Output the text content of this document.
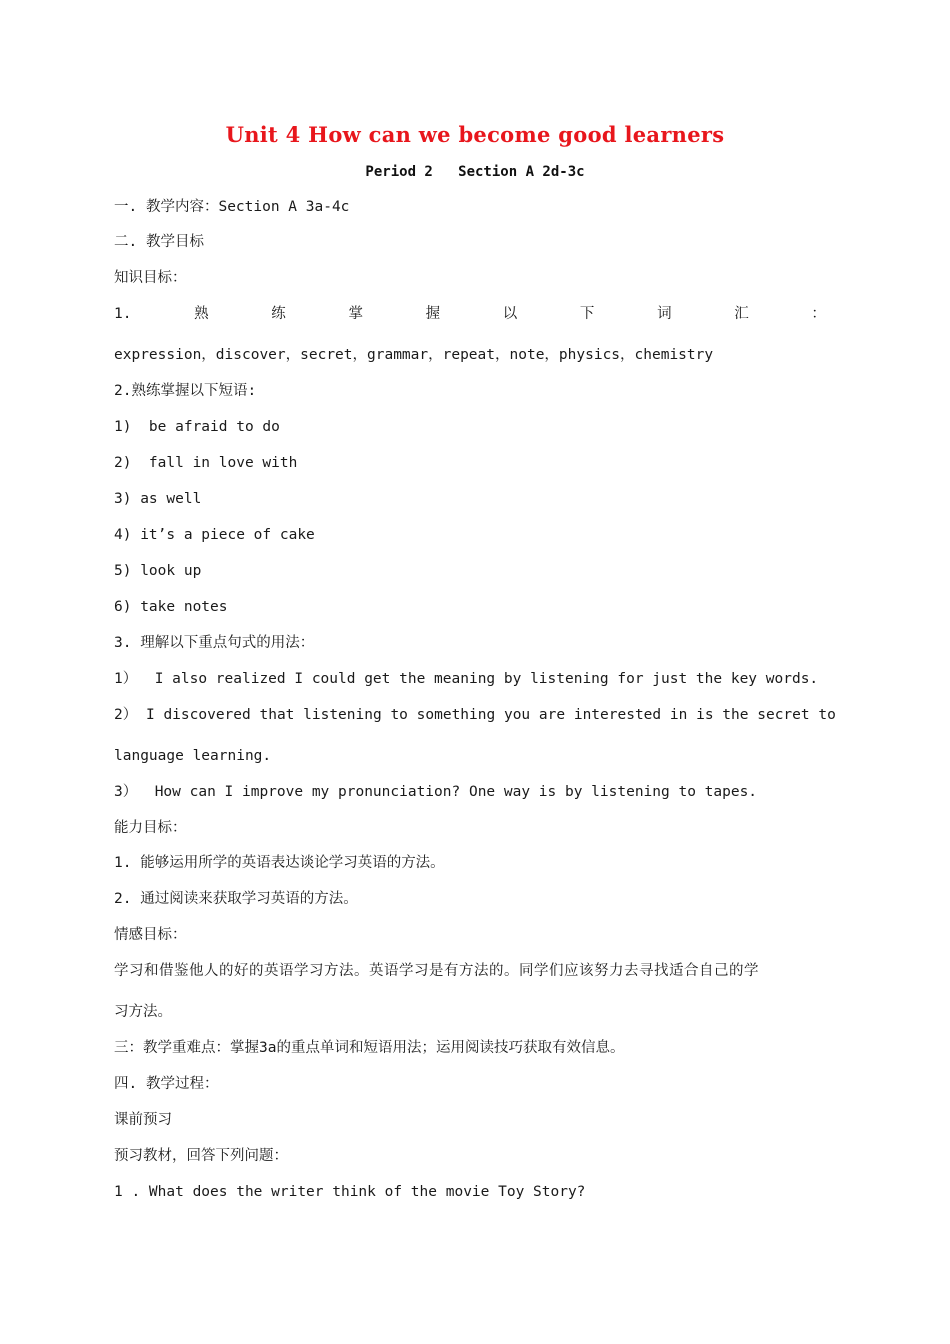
Unit 4 How can we become good learners
Period 2   Section A 2d-3c
一. 教学内容：Section A 3a-4c
二. 教学目标
知识目标：
1.	熟	练	掌	握	以	下	词	汇	：
expression，discover，secret，grammar，repeat，note，physics，chemistry
2.熟练掌握以下短语:
1)  be afraid to do
2)  fall in love with
3) as well
4) it’s a piece of cake
5) look up
6) take notes
3. 理解以下重点句式的用法：
1）  I also realized I could get the meaning by listening for just the key words.
2） I discovered that listening to something you are interested in is the secret to
language learning.
3）  How can I improve my pronunciation? One way is by listening to tapes.
能力目标：
1. 能够运用所学的英语表达谈论学习英语的方法。
2. 通过阅读来获取学习英语的方法。
情感目标：
学习和借鉴他人的好的英语学习方法。英语学习是有方法的。同学们应该努力去寻找适合自己的学
习方法。
三：教学重难点：掌握3a的重点单词和短语用法；运用阅读技巧获取有效信息。
四. 教学过程：
课前预习
预习教材，回答下列问题：
1 . What does the writer think of the movie Toy Story?
